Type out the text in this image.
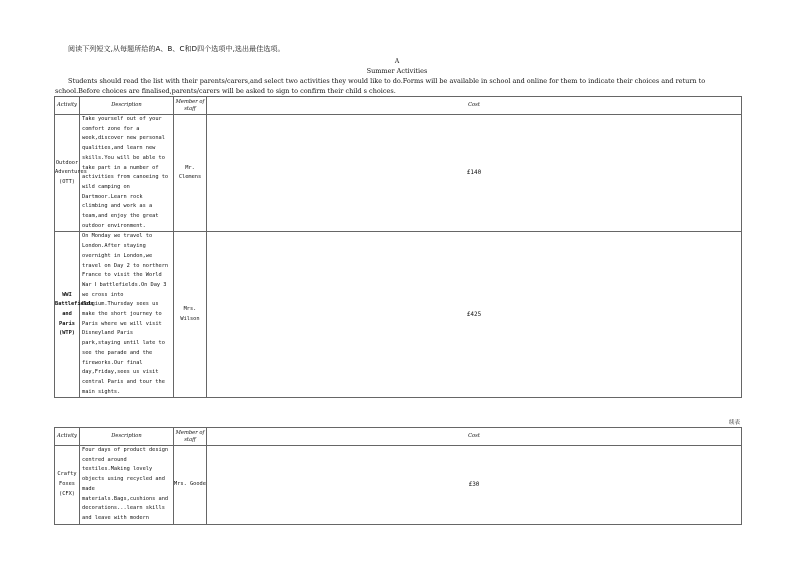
阅读下列短文,从每题所给的A、B、C和D四个选项中,选出最佳选项。
A
Summer Activities
Students should read the list with their parents/carers,and select two activities they would like to do.Forms will be available in school and online for them to indicate their choices and return to school.Before choices are finalised,parents/carers will be asked to sign to confirm their child s choices.
Activity	Description	Member of staff	Cost
Outdoor Adventures (OTT)	Take yourself out of your comfort zone for a week,discover new personal qualities,and learn new skills.You will be able to take part in a number of activities from canoeing to wild camping on Dartmoor.Learn rock climbing and work as a team,and enjoy the great outdoor environment.	Mr. Clemens	£140
WWI Battlefields and Paris (WTP)	On Monday we travel to London.After staying overnight in London,we travel on Day 2 to northern France to visit the World War Ⅰ battlefields.On Day 3 we cross into Belgium.Thursday sees us make the short journey to Paris where we will visit Disneyland Paris park,staying until late to see the parade and the fireworks.Our final day,Friday,sees us visit central Paris and tour the main sights.	Mrs. Wilson	£425
续表
Activity	Description	Member of staff	Cost
Crafty Foxes (CFX)	Four days of product design centred around textiles.Making lovely objects using recycled and made materials.Bags,cushions and decorations...learn skills and leave with modern	Mrs. Goode	£30
